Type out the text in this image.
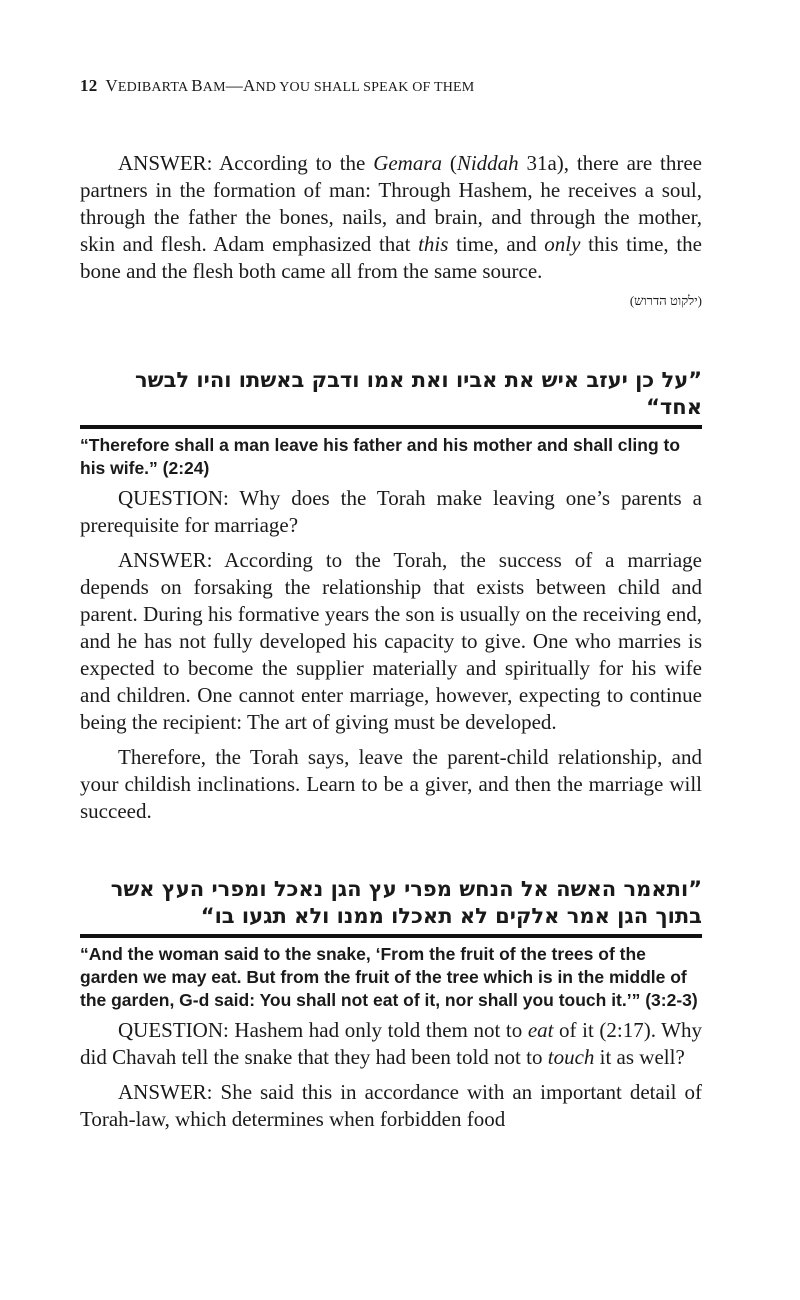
12 VEDIBARTA BAM—AND YOU SHALL SPEAK OF THEM

ANSWER: According to the Gemara (Niddah 31a), there are three partners in the formation of man: Through Hashem, he receives a soul, through the father the bones, nails, and brain, and through the mother, skin and flesh. Adam emphasized that this time, and only this time, the bone and the flesh both came all from the same source.

(ילקוט הדרוש)
”על כן יעזב איש את אביו ואת אמו ודבק באשתו והיו לבשר אחד“
“Therefore shall a man leave his father and his mother and shall cling to his wife.” (2:24)

QUESTION: Why does the Torah make leaving one’s parents a prerequisite for marriage?

ANSWER: According to the Torah, the success of a marriage depends on forsaking the relationship that exists between child and parent. During his formative years the son is usually on the receiving end, and he has not fully developed his capacity to give. One who marries is expected to become the supplier materially and spiritually for his wife and children. One cannot enter marriage, however, expecting to continue being the recipient: The art of giving must be developed.

Therefore, the Torah says, leave the parent-child relationship, and your childish inclinations. Learn to be a giver, and then the marriage will succeed.

”ותאמר האשה אל הנחש מפרי עץ הגן נאכל ומפרי העץ אשר
בתוך הגן אמר אלקים לא תאכלו ממנו ולא תגעו בו“
“And the woman said to the snake, ‘From the fruit of the trees of the garden we may eat. But from the fruit of the tree which is in the middle of the garden, G-d said: You shall not eat of it, nor shall you touch it.’” (3:2-3)

QUESTION: Hashem had only told them not to eat of it (2:17). Why did Chavah tell the snake that they had been told not to touch it as well?

ANSWER: She said this in accordance with an important detail of Torah-law, which determines when forbidden food
